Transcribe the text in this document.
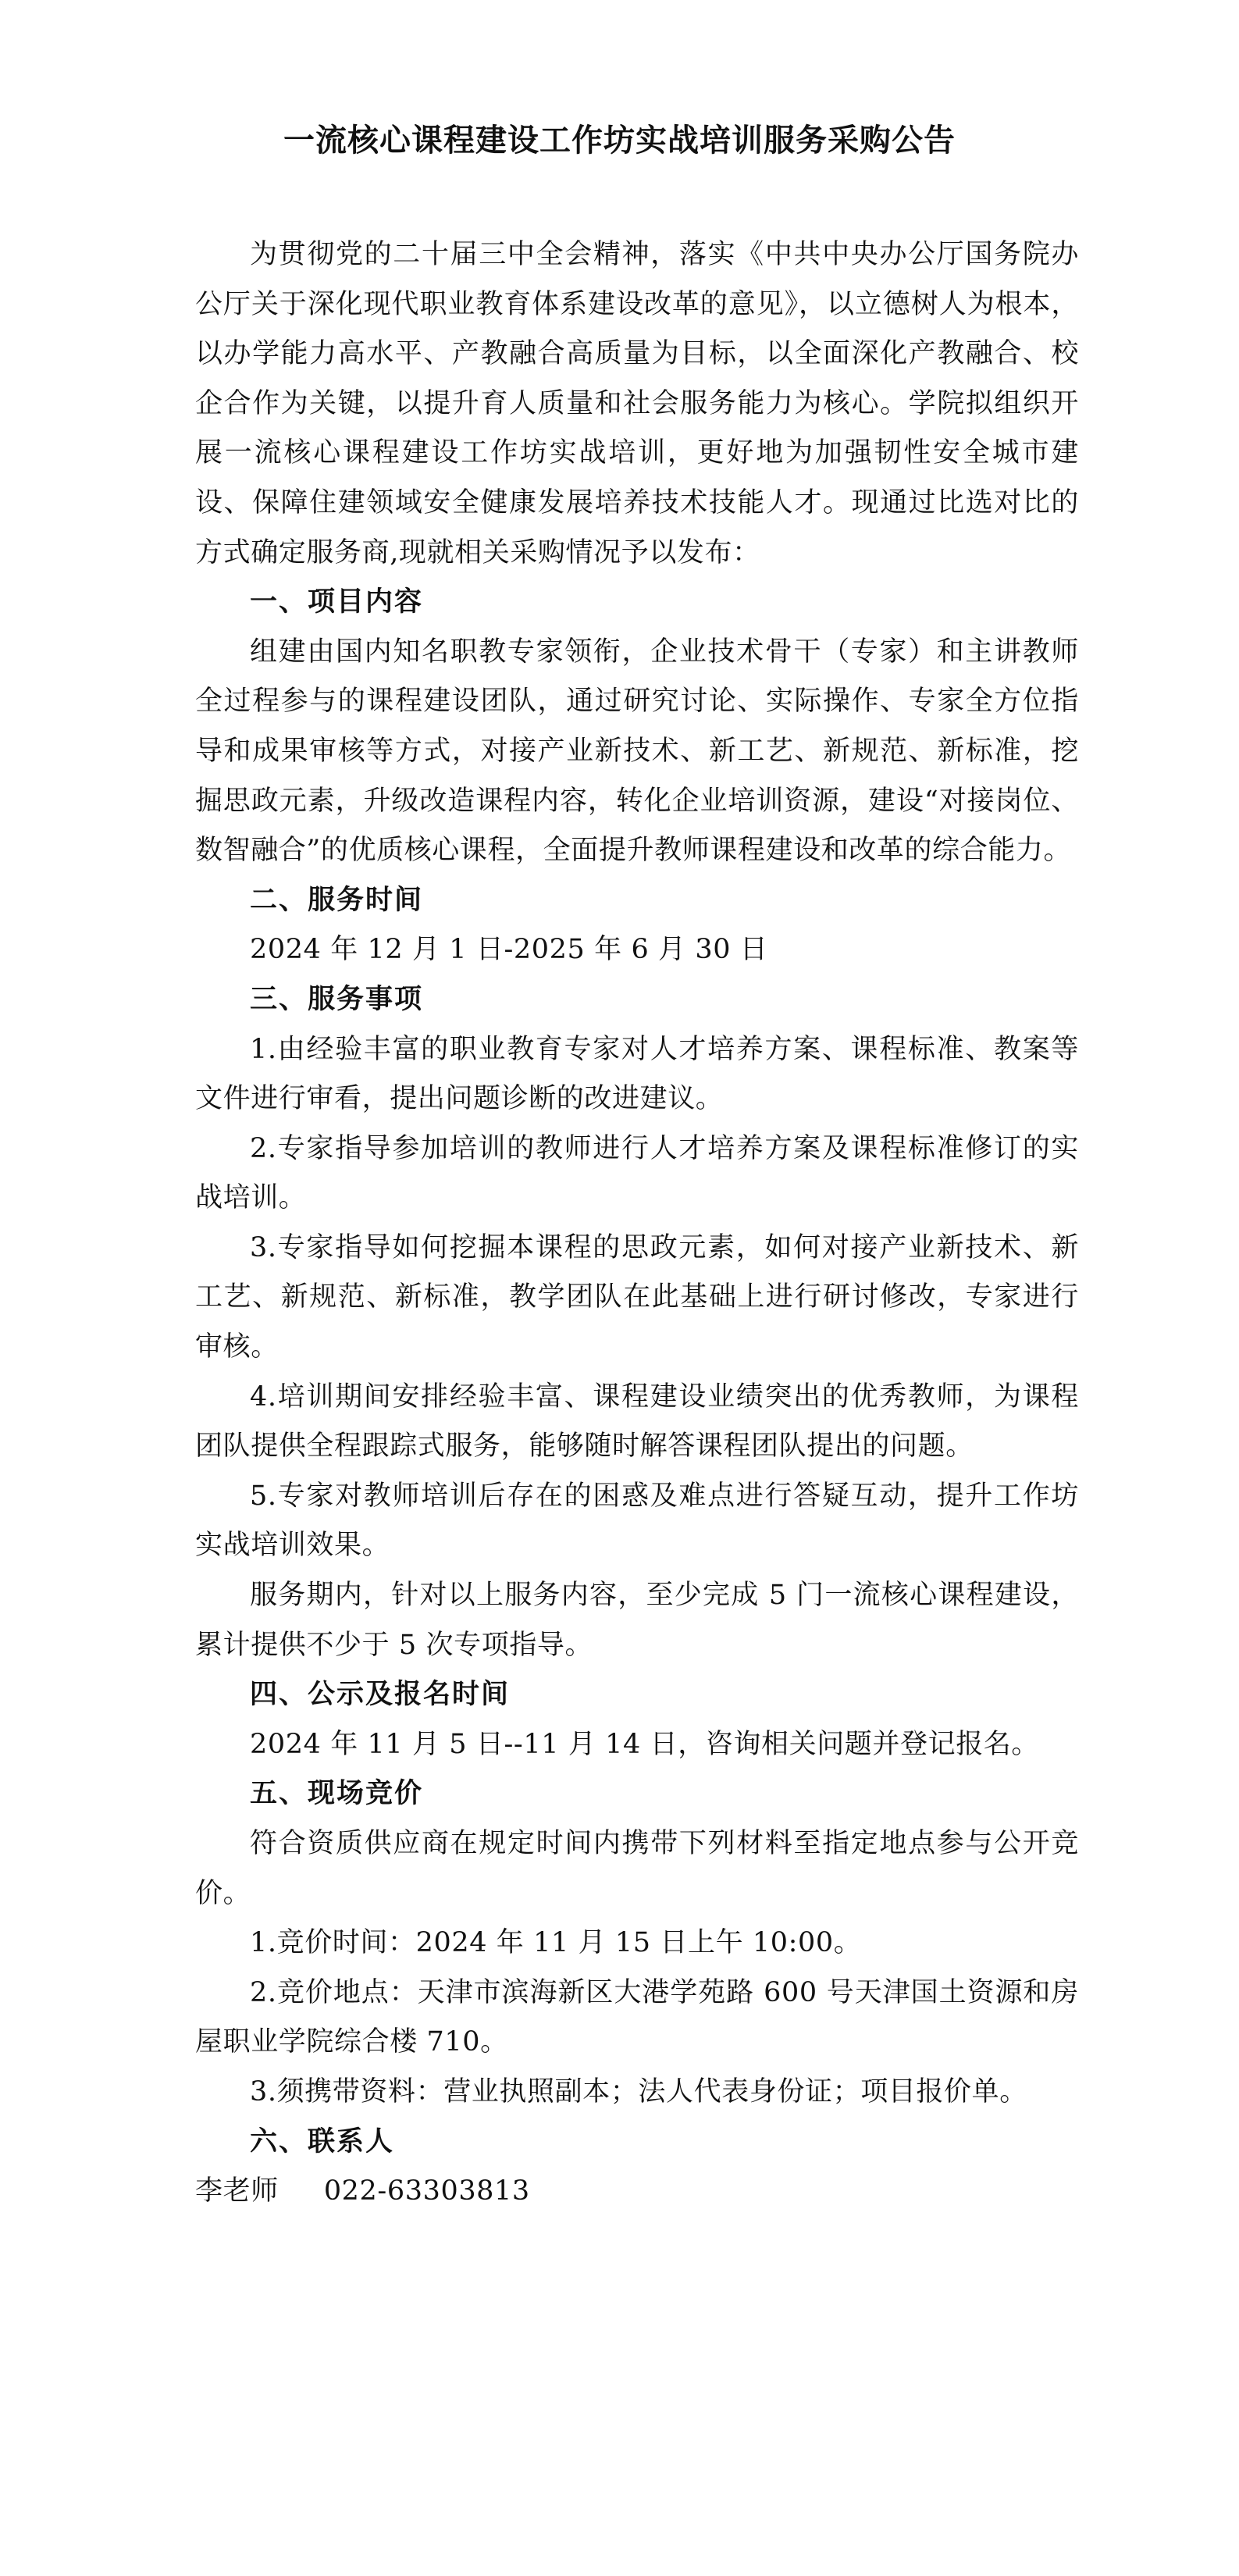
一流核心课程建设工作坊实战培训服务采购公告

为贯彻党的二十届三中全会精神，落实《中共中央办公厅国务院办公厅关于深化现代职业教育体系建设改革的意见》，以立德树人为根本，以办学能力高水平、产教融合高质量为目标，以全面深化产教融合、校企合作为关键，以提升育人质量和社会服务能力为核心。学院拟组织开展一流核心课程建设工作坊实战培训，更好地为加强韧性安全城市建设、保障住建领域安全健康发展培养技术技能人才。现通过比选对比的方式确定服务商,现就相关采购情况予以发布：

一、项目内容

组建由国内知名职教专家领衔，企业技术骨干（专家）和主讲教师全过程参与的课程建设团队，通过研究讨论、实际操作、专家全方位指导和成果审核等方式，对接产业新技术、新工艺、新规范、新标准，挖掘思政元素，升级改造课程内容，转化企业培训资源，建设“对接岗位、数智融合”的优质核心课程，全面提升教师课程建设和改革的综合能力。

二、服务时间

2024 年 12 月 1 日-2025 年 6 月 30 日

三、服务事项

1.由经验丰富的职业教育专家对人才培养方案、课程标准、教案等文件进行审看，提出问题诊断的改进建议。

2.专家指导参加培训的教师进行人才培养方案及课程标准修订的实战培训。

3.专家指导如何挖掘本课程的思政元素，如何对接产业新技术、新工艺、新规范、新标准，教学团队在此基础上进行研讨修改，专家进行审核。

4.培训期间安排经验丰富、课程建设业绩突出的优秀教师，为课程团队提供全程跟踪式服务，能够随时解答课程团队提出的问题。

5.专家对教师培训后存在的困惑及难点进行答疑互动，提升工作坊实战培训效果。

服务期内，针对以上服务内容，至少完成 5 门一流核心课程建设，累计提供不少于 5 次专项指导。

四、公示及报名时间

2024 年 11 月 5 日--11 月 14 日，咨询相关问题并登记报名。

五、现场竞价

符合资质供应商在规定时间内携带下列材料至指定地点参与公开竞价。

1.竞价时间：2024 年 11 月 15 日上午 10:00。

2.竞价地点：天津市滨海新区大港学苑路 600 号天津国土资源和房屋职业学院综合楼 710。

3.须携带资料：营业执照副本；法人代表身份证；项目报价单。

六、联系人

李老师 022-63303813
